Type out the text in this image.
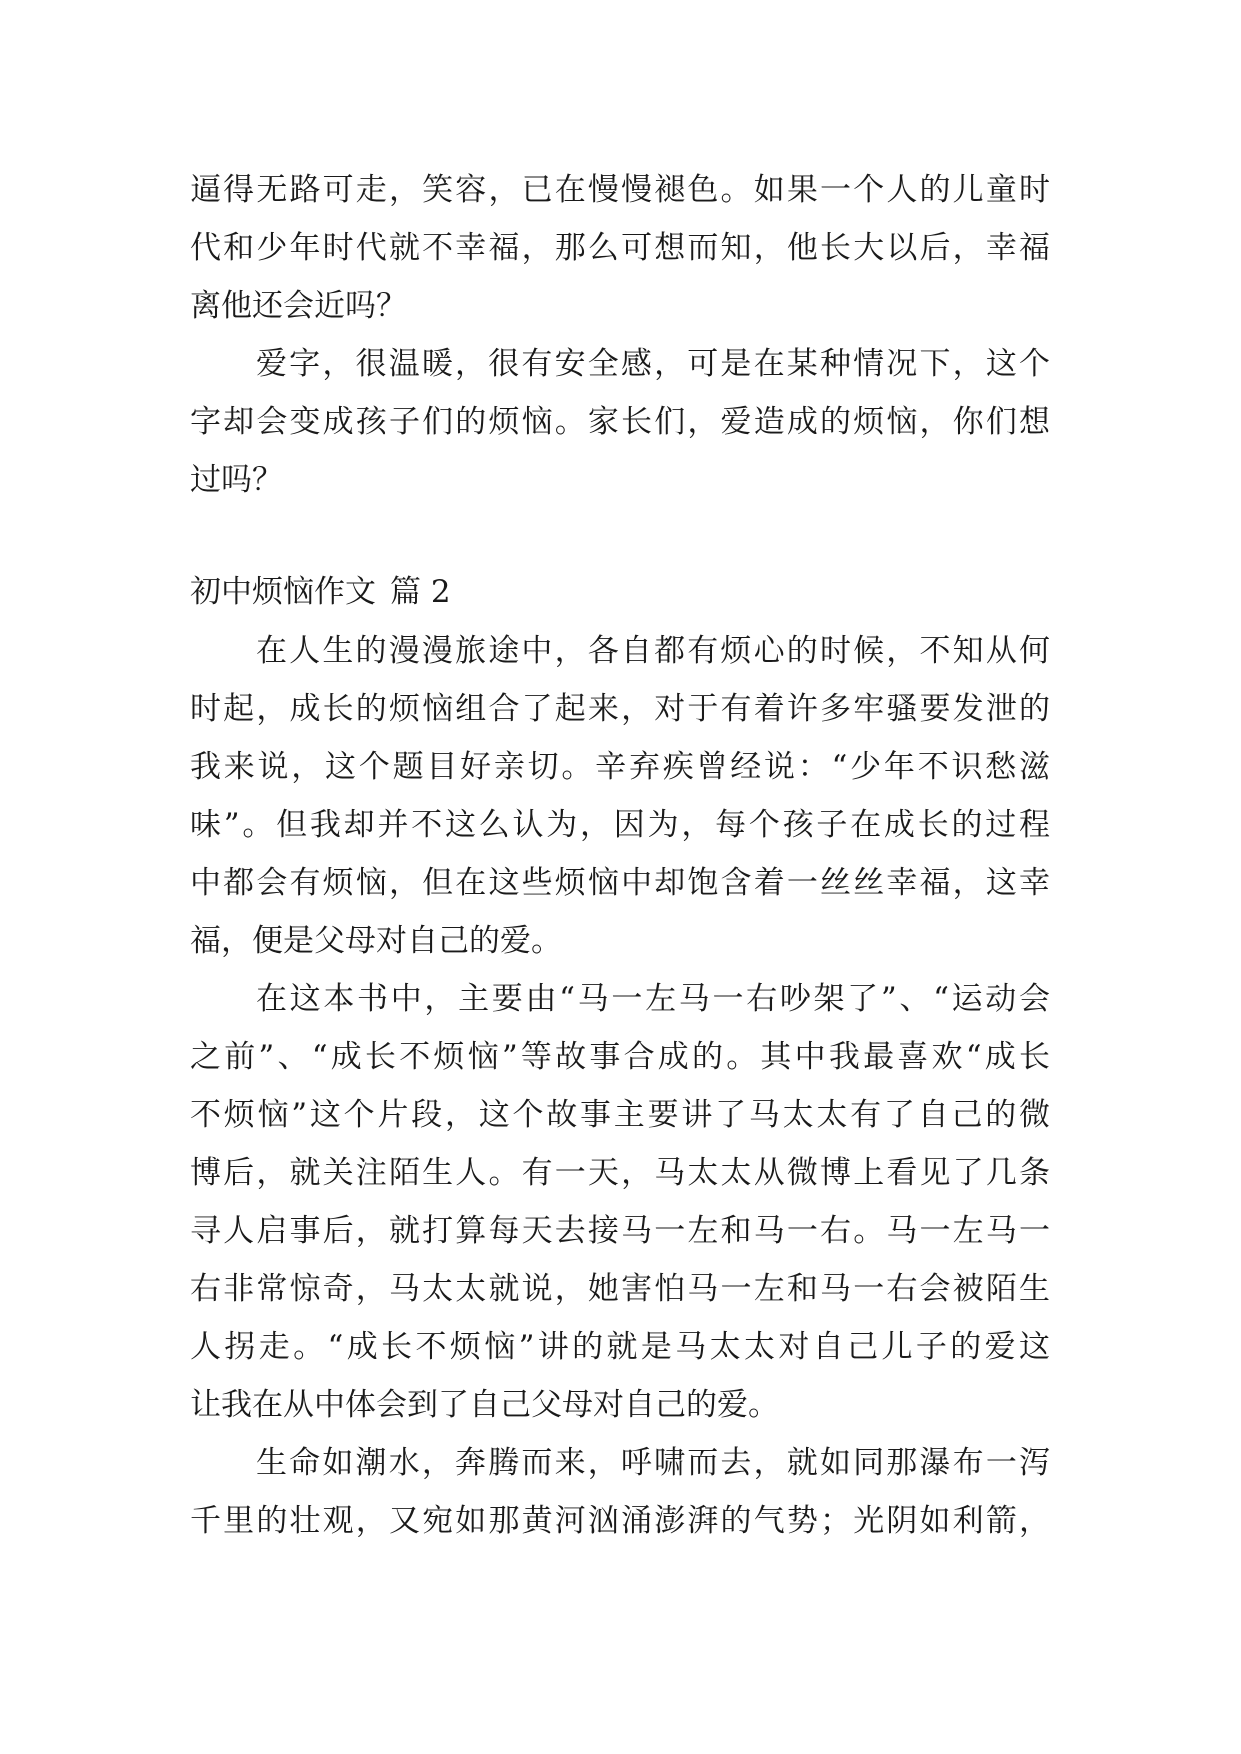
逼得无路可走，笑容，已在慢慢褪色。如果一个人的儿童时
代和少年时代就不幸福，那么可想而知，他长大以后，幸福
离他还会近吗？
爱字，很温暖，很有安全感，可是在某种情况下，这个
字却会变成孩子们的烦恼。家长们，爱造成的烦恼，你们想
过吗？
初中烦恼作文 篇 2
在人生的漫漫旅途中，各自都有烦心的时候，不知从何
时起，成长的烦恼组合了起来，对于有着许多牢骚要发泄的
我来说，这个题目好亲切。辛弃疾曾经说：“少年不识愁滋
味”。但我却并不这么认为，因为，每个孩子在成长的过程
中都会有烦恼，但在这些烦恼中却饱含着一丝丝幸福，这幸
福，便是父母对自己的爱。
在这本书中，主要由“马一左马一右吵架了”、“运动会
之前”、“成长不烦恼”等故事合成的。其中我最喜欢“成长
不烦恼”这个片段，这个故事主要讲了马太太有了自己的微
博后，就关注陌生人。有一天，马太太从微博上看见了几条
寻人启事后，就打算每天去接马一左和马一右。马一左马一
右非常惊奇，马太太就说，她害怕马一左和马一右会被陌生
人拐走。“成长不烦恼”讲的就是马太太对自己儿子的爱这
让我在从中体会到了自己父母对自己的爱。
生命如潮水，奔腾而来，呼啸而去，就如同那瀑布一泻
千里的壮观，又宛如那黄河汹涌澎湃的气势；光阴如利箭，
